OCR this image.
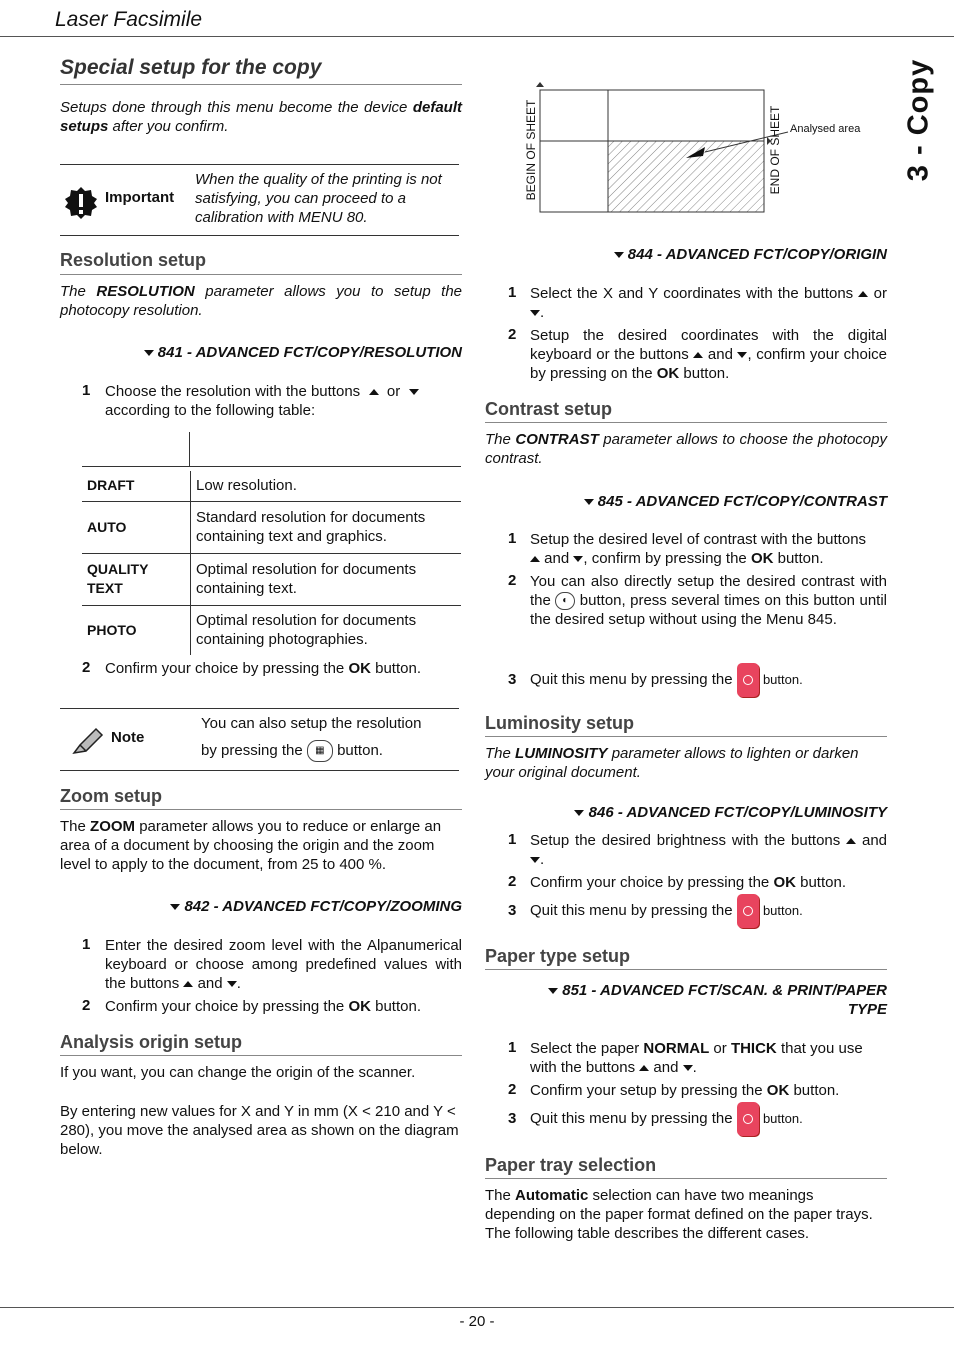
Laser Facsimile
3 - Copy
Special setup for the copy
Setups done through this menu become the device default setups after you confirm.
Important
When the quality of the printing is not satisfying, you can proceed to a calibration with MENU 80.
Resolution setup
The RESOLUTION parameter allows you to setup the photocopy resolution.
841 - ADVANCED FCT/COPY/RESOLUTION
1 Choose the resolution with the buttons or
according to the following table:
DRAFT	Low resolution.
AUTO	Standard resolution for documents containing text and graphics.
QUALITY TEXT	Optimal resolution for documents containing text.
PHOTO	Optimal resolution for documents containing photographies.
2 Confirm your choice by pressing the OK button.
Note
You can also setup the resolution
by pressing the ▦ button.
Zoom setup
The ZOOM parameter allows you to reduce or enlarge an area of a document by choosing the origin and the zoom level to apply to the document, from 25 to 400 %.
842 - ADVANCED FCT/COPY/ZOOMING
1 Enter the desired zoom level with the Alpanumerical keyboard or choose among predefined values with the buttons and .
2 Confirm your choice by pressing the OK button.
Analysis origin setup
If you want, you can change the origin of the scanner.
By entering new values for X and Y in mm (X < 210 and Y < 280), you move the analysed area as shown on the diagram below.
BEGIN OF SHEET	END OF SHEET Analysed area
844 - ADVANCED FCT/COPY/ORIGIN
1 Select the X and Y coordinates with the buttons or .
2 Setup the desired coordinates with the digital keyboard or the buttons and , confirm your choice by pressing on the OK button.
Contrast setup
The CONTRAST parameter allows to choose the photocopy contrast.
845 - ADVANCED FCT/COPY/CONTRAST
1 Setup the desired level of contrast with the buttons
and , confirm by pressing the OK button.
2 You can also directly setup the desired contrast with the ◐ button, press several times on this button until the desired setup without using the Menu 845.
3 Quit this menu by pressing the button.
Luminosity setup
The LUMINOSITY parameter allows to lighten or darken your original document.
846 - ADVANCED FCT/COPY/LUMINOSITY
1 Setup the desired brightness with the buttons and .
2 Confirm your choice by pressing the OK button.
3 Quit this menu by pressing the button.
Paper type setup
851 - ADVANCED FCT/SCAN. & PRINT/PAPER
TYPE
1 Select the paper NORMAL or THICK that you use with the buttons and .
2 Confirm your setup by pressing the OK button.
3 Quit this menu by pressing the button.
Paper tray selection
The Automatic selection can have two meanings depending on the paper format defined on the paper trays. The following table describes the different cases.
- 20 -
